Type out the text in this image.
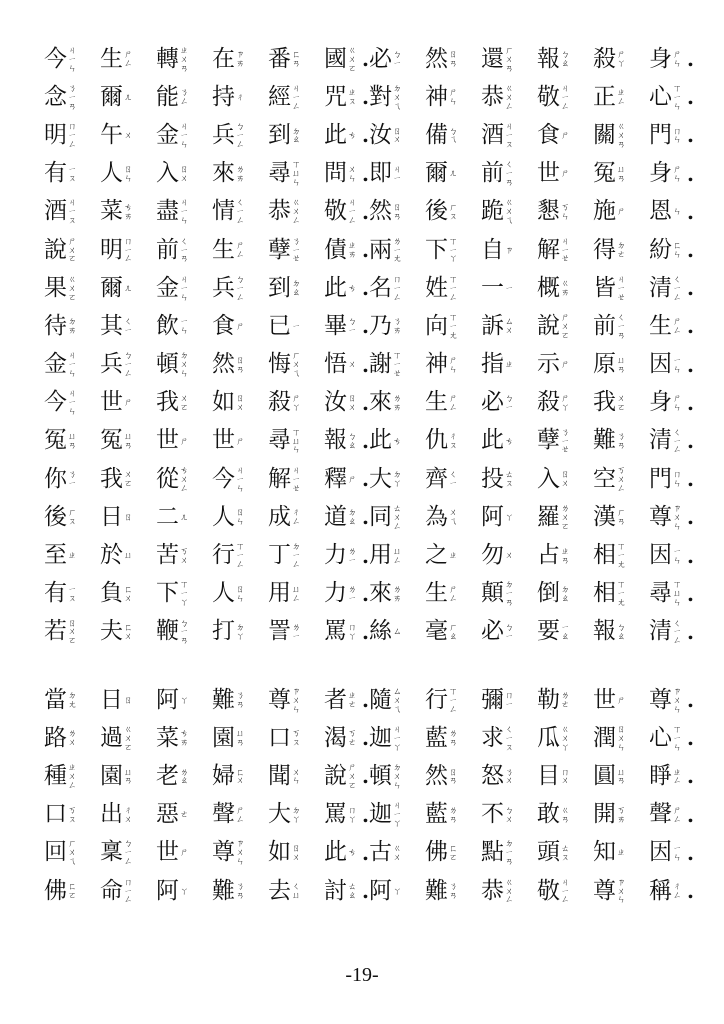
今 ㄐㄧㄣ 生 ㄕㄥ 轉 ㄓㄨㄢ 在 ㄗㄞ 番 ㄈㄢ 國 ㄍㄨㄛ . 必 ㄅㄧ 然 ㄖㄢ 還 ㄏㄨㄢ 報 ㄅㄠ 殺 ㄕㄚ 身 ㄕㄣ .
念 ㄋㄧㄢ 爾 ㄦ 能 ㄋㄥ 持 ㄔ 經 ㄐㄧㄥ 咒 ㄓㄡ . 對 ㄉㄨㄟ 神 ㄕㄣ 恭 ㄍㄨㄥ 敬 ㄐㄧㄥ 正 ㄓㄥ 心 ㄒㄧㄣ .
明 ㄇㄧㄥ 午 ㄨ 金 ㄐㄧㄣ 兵 ㄅㄧㄥ 到 ㄉㄠ 此 ㄘ . 汝 ㄖㄨ 備 ㄅㄟ 酒 ㄐㄧㄡ 食 ㄕ 關 ㄍㄨㄢ 門 ㄇㄣ .
有 ㄧㄡ 人 ㄖㄣ 入 ㄖㄨ 來 ㄌㄞ 尋 ㄒㄩㄣ 問 ㄨㄣ . 即 ㄐㄧ 爾 ㄦ 前 ㄑㄧㄢ 世 ㄕ 冤 ㄩㄢ 身 ㄕㄣ .
酒 ㄐㄧㄡ 菜 ㄘㄞ 盡 ㄐㄧㄣ 情 ㄑㄧㄥ 恭 ㄍㄨㄥ 敬 ㄐㄧㄥ . 然 ㄖㄢ 後 ㄏㄡ 跪 ㄍㄨㄟ 懇 ㄎㄣ 施 ㄕ 恩 ㄣ .
說 ㄕㄨㄛ 明 ㄇㄧㄥ 前 ㄑㄧㄢ 生 ㄕㄥ 孽 ㄋㄧㄝ 債 ㄓㄞ . 兩 ㄌㄧㄤ 下 ㄒㄧㄚ 自 ㄗ 解 ㄐㄧㄝ 得 ㄉㄜ 紛 ㄈㄣ .
果 ㄍㄨㄛ 爾 ㄦ 金 ㄐㄧㄣ 兵 ㄅㄧㄥ 到 ㄉㄠ 此 ㄘ . 名 ㄇㄧㄥ 姓 ㄒㄧㄥ 一 ㄧ 概 ㄍㄞ 皆 ㄐㄧㄝ 清 ㄑㄧㄥ .
待 ㄉㄞ 其 ㄑㄧ 飲 ㄧㄣ 食 ㄕ 已 ㄧ 畢 ㄅㄧ . 乃 ㄋㄞ 向 ㄒㄧㄤ 訴 ㄙㄨ 說 ㄕㄨㄛ 前 ㄑㄧㄢ 生 ㄕㄥ .
金 ㄐㄧㄣ 兵 ㄅㄧㄥ 頓 ㄉㄨㄣ 然 ㄖㄢ 悔 ㄏㄨㄟ 悟 ㄨ . 謝 ㄒㄧㄝ 神 ㄕㄣ 指 ㄓ 示 ㄕ 原 ㄩㄢ 因 ㄧㄣ .
今 ㄐㄧㄣ 世 ㄕ 我 ㄨㄛ 如 ㄖㄨ 殺 ㄕㄚ 汝 ㄖㄨ . 來 ㄌㄞ 生 ㄕㄥ 必 ㄅㄧ 殺 ㄕㄚ 我 ㄨㄛ 身 ㄕㄣ .
冤 ㄩㄢ 冤 ㄩㄢ 世 ㄕ 世 ㄕ 尋 ㄒㄩㄣ 報 ㄅㄠ . 此 ㄘ 仇 ㄔㄡ 此 ㄘ 孽 ㄋㄧㄝ 難 ㄋㄢ 清 ㄑㄧㄥ .
你 ㄋㄧ 我 ㄨㄛ 從 ㄘㄨㄥ 今 ㄐㄧㄣ 解 ㄐㄧㄝ 釋 ㄕ . 大 ㄉㄚ 齊 ㄑㄧ 投 ㄊㄡ 入 ㄖㄨ 空 ㄎㄨㄥ 門 ㄇㄣ .
後 ㄏㄡ 日 ㄖ 二 ㄦ 人 ㄖㄣ 成 ㄔㄥ 道 ㄉㄠ . 同 ㄊㄨㄥ 為 ㄨㄟ 阿 ㄚ 羅 ㄌㄨㄛ 漢 ㄏㄢ 尊 ㄗㄨㄣ .
至 ㄓ 於 ㄩ 苦 ㄎㄨ 行 ㄒㄧㄥ 丁 ㄉㄧㄥ 力 ㄌㄧ . 用 ㄩㄥ 之 ㄓ 勿 ㄨ 占 ㄓㄢ 相 ㄒㄧㄤ 因 ㄧㄣ .
有 ㄧㄡ 負 ㄈㄨ 下 ㄒㄧㄚ 人 ㄖㄣ 用 ㄩㄥ 力 ㄌㄧ . 來 ㄌㄞ 生 ㄕㄥ 顛 ㄉㄧㄢ 倒 ㄉㄠ 相 ㄒㄧㄤ 尋 ㄒㄩㄣ .
若 ㄖㄨㄛ 夫 ㄈㄨ 鞭 ㄅㄧㄢ 打 ㄉㄚ 詈 ㄌㄧ 罵 ㄇㄚ . 絲 ㄙ 毫 ㄏㄠ 必 ㄅㄧ 要 ㄧㄠ 報 ㄅㄠ 清 ㄑㄧㄥ .
當 ㄉㄤ 日 ㄖ 阿 ㄚ 難 ㄋㄢ 尊 ㄗㄨㄣ 者 ㄓㄜ . 隨 ㄙㄨㄟ 行 ㄒㄧㄥ 彌 ㄇㄧ 勒 ㄌㄜ 世 ㄕ 尊 ㄗㄨㄣ .
路 ㄌㄨ 過 ㄍㄨㄛ 菜 ㄘㄞ 園 ㄩㄢ 口 ㄎㄡ 渴 ㄎㄜ . 迦 ㄐㄧㄚ 藍 ㄌㄢ 求 ㄑㄧㄡ 瓜 ㄍㄨㄚ 潤 ㄖㄨㄣ 心 ㄒㄧㄣ .
種 ㄓㄨㄥ 園 ㄩㄢ 老 ㄌㄠ 婦 ㄈㄨ 聞 ㄨㄣ 說 ㄕㄨㄛ . 頓 ㄉㄨㄣ 然 ㄖㄢ 怒 ㄋㄨ 目 ㄇㄨ 圓 ㄩㄢ 睜 ㄓㄥ .
口 ㄎㄡ 出 ㄔㄨ 惡 ㄜ 聲 ㄕㄥ 大 ㄉㄚ 罵 ㄇㄚ . 迦 ㄐㄧㄚ 藍 ㄌㄢ 不 ㄅㄨ 敢 ㄍㄢ 開 ㄎㄞ 聲 ㄕㄥ .
回 ㄏㄨㄟ 稟 ㄅㄧㄥ 世 ㄕ 尊 ㄗㄨㄣ 如 ㄖㄨ 此 ㄘ . 古 ㄍㄨ 佛 ㄈㄛ 點 ㄉㄧㄢ 頭 ㄊㄡ 知 ㄓ 因 ㄧㄣ .
佛 ㄈㄛ 命 ㄇㄧㄥ 阿 ㄚ 難 ㄋㄢ 去 ㄑㄩ 討 ㄊㄠ . 阿 ㄚ 難 ㄋㄢ 恭 ㄍㄨㄥ 敬 ㄐㄧㄥ 尊 ㄗㄨㄣ 稱 ㄔㄥ .
-19-
